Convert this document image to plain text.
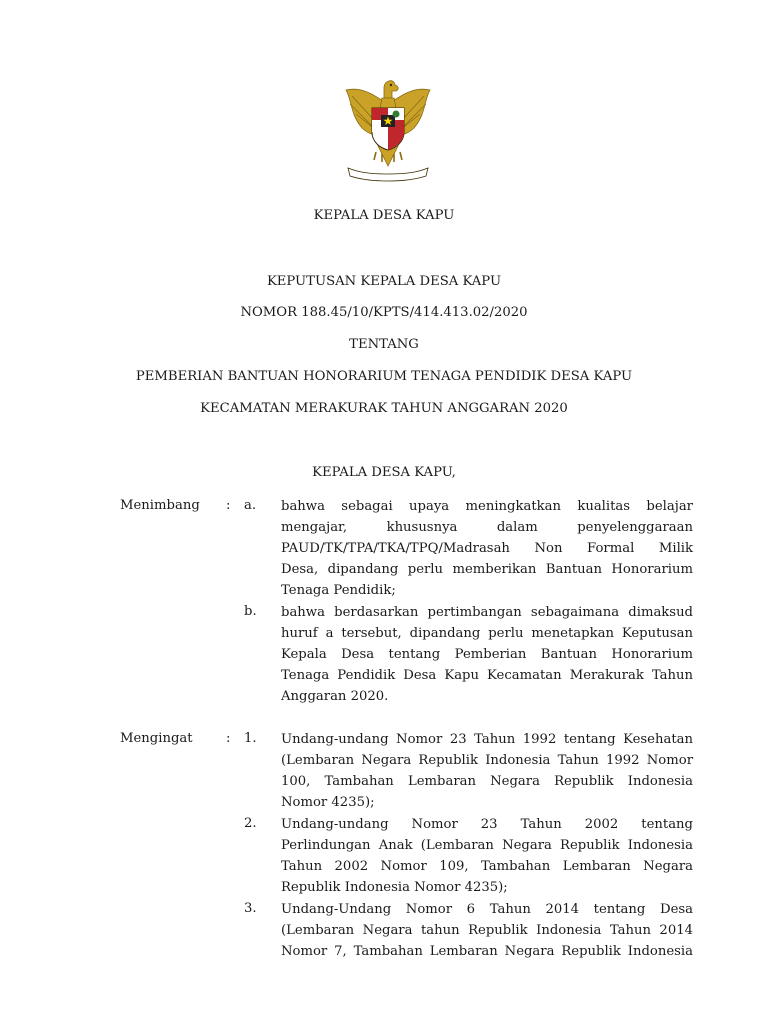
KEPALA DESA KAPU
KEPUTUSAN KEPALA DESA KAPU
NOMOR 188.45/10/KPTS/414.413.02/2020
TENTANG
PEMBERIAN BANTUAN HONORARIUM TENAGA PENDIDIK DESA KAPU
KECAMATAN MERAKURAK TAHUN ANGGARAN 2020
KEPALA DESA KAPU,
Menimbang : a. bahwa sebagai upaya meningkatkan kualitas belajar
mengajar, khususnya dalam penyelenggaraan
PAUD/TK/TPA/TKA/TPQ/Madrasah Non Formal Milik
Desa, dipandang perlu memberikan Bantuan Honorarium
Tenaga Pendidik;
b. bahwa berdasarkan pertimbangan sebagaimana dimaksud
huruf a tersebut, dipandang perlu menetapkan Keputusan
Kepala Desa tentang Pemberian Bantuan Honorarium
Tenaga Pendidik Desa Kapu Kecamatan Merakurak Tahun
Anggaran 2020.
Mengingat	: 1. Undang-undang Nomor 23 Tahun 1992 tentang Kesehatan
(Lembaran Negara Republik Indonesia Tahun 1992 Nomor
100, Tambahan Lembaran Negara Republik Indonesia
Nomor 4235);
2. Undang-undang Nomor 23 Tahun 2002 tentang
Perlindungan Anak (Lembaran Negara Republik Indonesia
Tahun 2002 Nomor 109, Tambahan Lembaran Negara
Republik Indonesia Nomor 4235);
3. Undang-Undang Nomor 6 Tahun 2014 tentang Desa
(Lembaran Negara tahun Republik Indonesia Tahun 2014
Nomor 7, Tambahan Lembaran Negara Republik Indonesia
